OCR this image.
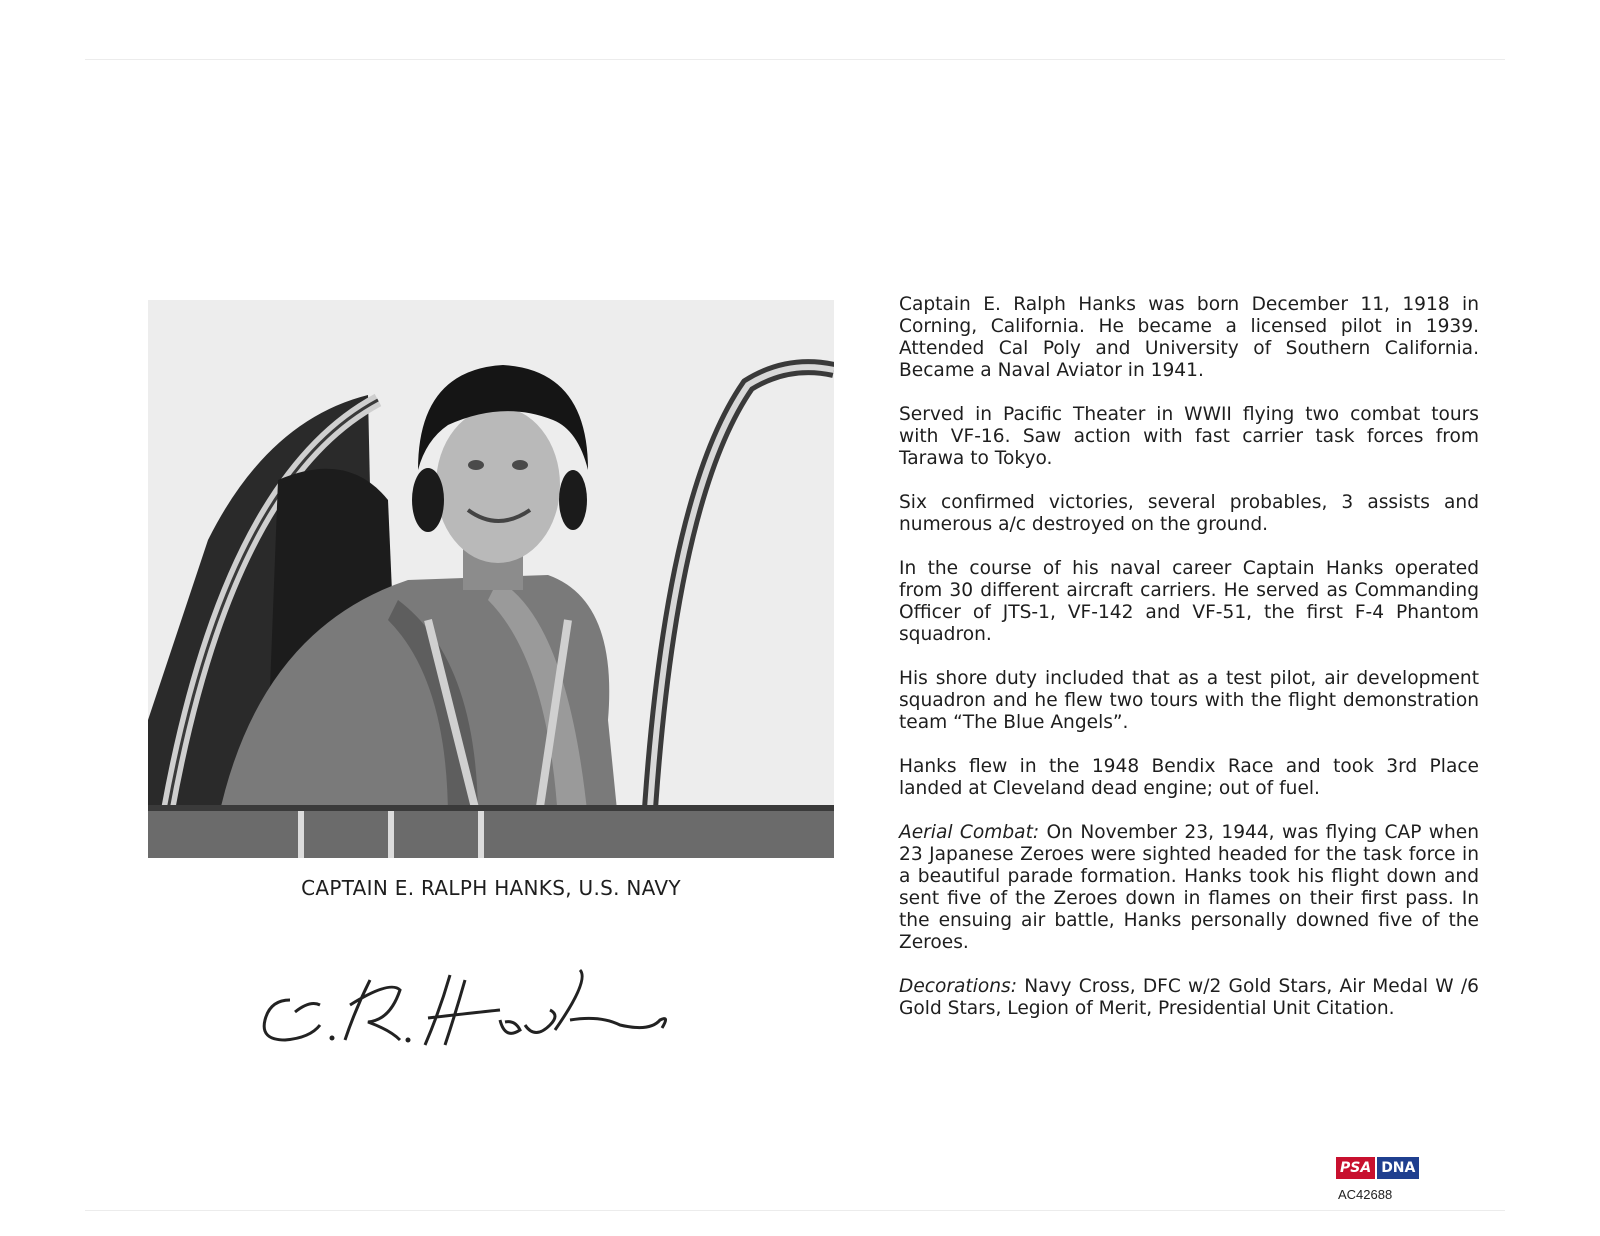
CAPTAIN E. RALPH HANKS, U.S. NAVY

Captain E. Ralph Hanks was born December 11, 1918 in Corning, California. He became a licensed pilot in 1939. Attended Cal Poly and University of Southern California. Became a Naval Aviator in 1941.

Served in Pacific Theater in WWII flying two combat tours with VF-16. Saw action with fast carrier task forces from Tarawa to Tokyo.

Six confirmed victories, several probables, 3 assists and numerous a/c destroyed on the ground.

In the course of his naval career Captain Hanks operated from 30 different aircraft carriers. He served as Commanding Officer of JTS-1, VF-142 and VF-51, the first F-4 Phantom squadron.

His shore duty included that as a test pilot, air development squadron and he flew two tours with the flight demonstration team “The Blue Angels”.

Hanks flew in the 1948 Bendix Race and took 3rd Place landed at Cleveland dead engine; out of fuel.

Aerial Combat: On November 23, 1944, was flying CAP when 23 Japanese Zeroes were sighted headed for the task force in a beautiful parade formation. Hanks took his flight down and sent five of the Zeroes down in flames on their first pass. In the ensuing air battle, Hanks personally downed five of the Zeroes.

Decorations: Navy Cross, DFC w/2 Gold Stars, Air Medal W /6 Gold Stars, Legion of Merit, Presidential Unit Citation.

PSA DNA
AC42688
